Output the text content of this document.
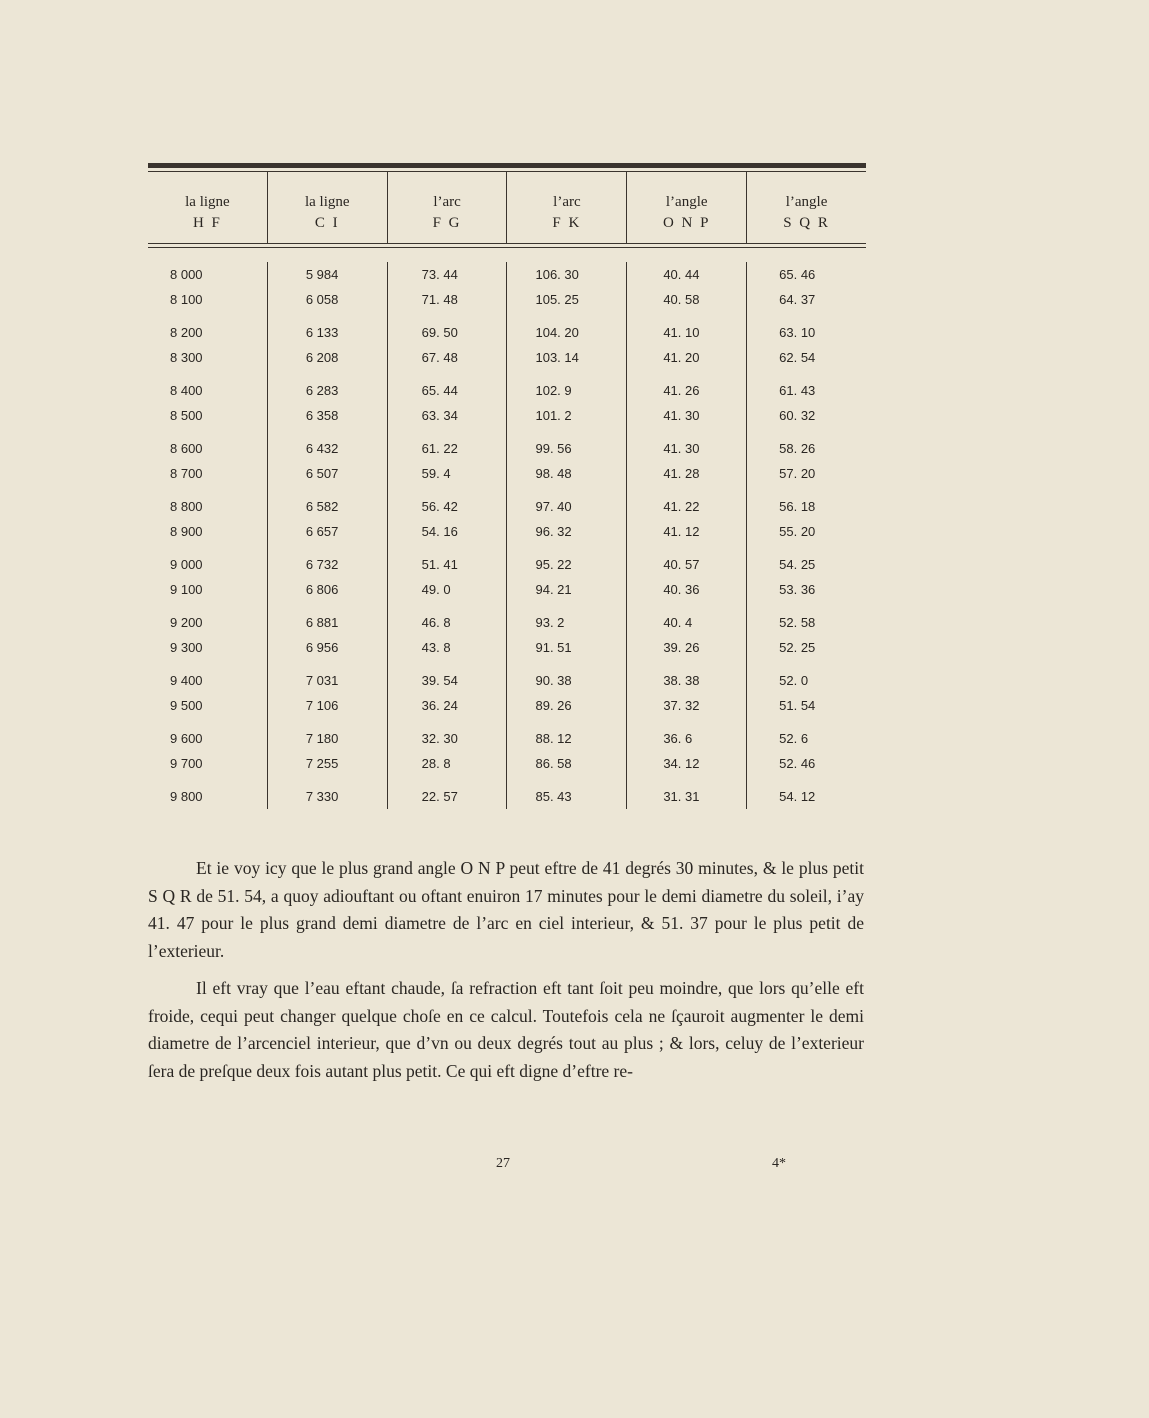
la ligne
H F
la ligne
C I
l’arc
F G
l’arc
F K
l’angle
O N P
l’angle
S Q R
8 000
8 100
8 200
8 300
8 400
8 500
8 600
8 700
8 800
8 900
9 000
9 100
9 200
9 300
9 400
9 500
9 600
9 700
9 800
5 984
6 058
6 133
6 208
6 283
6 358
6 432
6 507
6 582
6 657
6 732
6 806
6 881
6 956
7 031
7 106
7 180
7 255
7 330
73. 44
71. 48
69. 50
67. 48
65. 44
63. 34
61. 22
59. 4
56. 42
54. 16
51. 41
49. 0
46. 8
43. 8
39. 54
36. 24
32. 30
28. 8
22. 57
106. 30
105. 25
104. 20
103. 14
102. 9
101. 2
99. 56
98. 48
97. 40
96. 32
95. 22
94. 21
93. 2
91. 51
90. 38
89. 26
88. 12
86. 58
85. 43
40. 44
40. 58
41. 10
41. 20
41. 26
41. 30
41. 30
41. 28
41. 22
41. 12
40. 57
40. 36
40. 4
39. 26
38. 38
37. 32
36. 6
34. 12
31. 31
65. 46
64. 37
63. 10
62. 54
61. 43
60. 32
58. 26
57. 20
56. 18
55. 20
54. 25
53. 36
52. 58
52. 25
52. 0
51. 54
52. 6
52. 46
54. 12

Et ie voy icy que le plus grand angle O N P peut eftre de 41 degrés 30 minutes, & le plus petit S Q R de 51. 54, a quoy adiouftant ou oftant enuiron 17 minutes pour le demi diametre du soleil, i’ay 41. 47 pour le plus grand demi diametre de l’arc en ciel interieur, & 51. 37 pour le plus petit de l’exterieur.

Il eft vray que l’eau eftant chaude, ſa refraction eft tant ſoit peu moindre, que lors qu’elle eft froide, cequi peut changer quelque choſe en ce calcul. Toutefois cela ne ſçauroit augmenter le demi diametre de l’arcenciel interieur, que d’vn ou deux degrés tout au plus ; & lors, celuy de l’exterieur ſera de preſque deux fois autant plus petit. Ce qui eft digne d’eftre re-

27	4*
